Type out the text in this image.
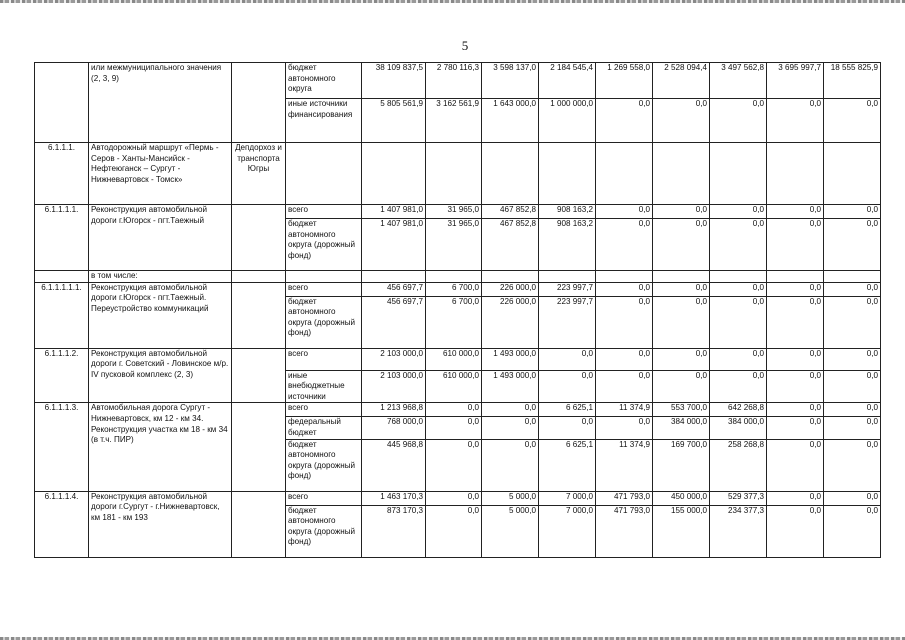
5
	или межмуниципального значения (2, 3, 9)		бюджет автономного округа	38 109 837,5	2 780 116,3	3 598 137,0	2 184 545,4	1 269 558,0	2 528 094,4	3 497 562,8	3 695 997,7	18 555 825,9
			иные источники финансирования	5 805 561,9	3 162 561,9	1 643 000,0	1 000 000,0	0,0	0,0	0,0	0,0	0,0
6.1.1.1.	Автодорожный маршрут «Пермь - Серов - Ханты-Мансийск - Нефтеюганск – Сургут - Нижневартовск - Томск»	Депдорхоз и транспорта Югры										
6.1.1.1.1.	Реконструкция автомобильной дороги г.Югорск - пгт.Таежный		всего	1 407 981,0	31 965,0	467 852,8	908 163,2	0,0	0,0	0,0	0,0	0,0
			бюджет автономного округа (дорожный фонд)	1 407 981,0	31 965,0	467 852,8	908 163,2	0,0	0,0	0,0	0,0	0,0
	в том числе:											
6.1.1.1.1.1.	Реконструкция автомобильной дороги г.Югорск - пгт.Таежный. Переустройство коммуникаций		всего	456 697,7	6 700,0	226 000,0	223 997,7	0,0	0,0	0,0	0,0	0,0
			бюджет автономного округа (дорожный фонд)	456 697,7	6 700,0	226 000,0	223 997,7	0,0	0,0	0,0	0,0	0,0
6.1.1.1.2.	Реконструкция автомобильной дороги г. Советский - Ловинское м/р. IV пусковой комплекс (2, 3)		всего	2 103 000,0	610 000,0	1 493 000,0	0,0	0,0	0,0	0,0	0,0	0,0
			иные внебюджетные источники	2 103 000,0	610 000,0	1 493 000,0	0,0	0,0	0,0	0,0	0,0	0,0
6.1.1.1.3.	Автомобильная дорога Сургут - Нижневартовск, км 12 - км 34. Реконструкция участка км 18 - км 34 (в т.ч. ПИР)		всего	1 213 968,8	0,0	0,0	6 625,1	11 374,9	553 700,0	642 268,8	0,0	0,0
			федеральный бюджет	768 000,0	0,0	0,0	0,0	0,0	384 000,0	384 000,0	0,0	0,0
			бюджет автономного округа (дорожный фонд)	445 968,8	0,0	0,0	6 625,1	11 374,9	169 700,0	258 268,8	0,0	0,0
6.1.1.1.4.	Реконструкция автомобильной дороги г.Сургут - г.Нижневартовск, км 181 - км 193		всего	1 463 170,3	0,0	5 000,0	7 000,0	471 793,0	450 000,0	529 377,3	0,0	0,0
			бюджет автономного округа (дорожный фонд)	873 170,3	0,0	5 000,0	7 000,0	471 793,0	155 000,0	234 377,3	0,0	0,0
